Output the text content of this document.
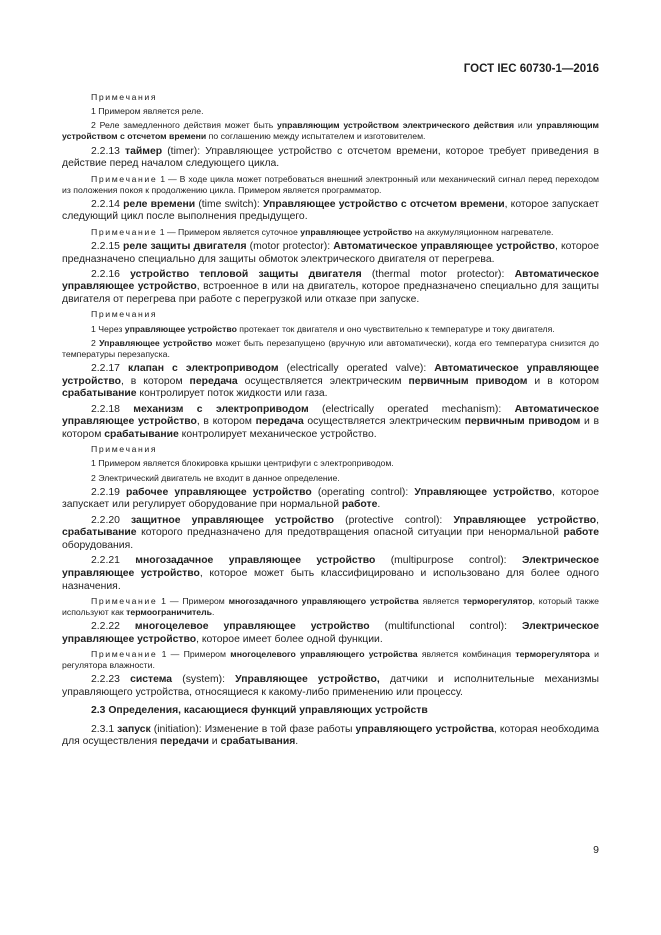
ГОСТ IEC 60730-1—2016
Примечания
1 Примером является реле.
2 Реле замедленного действия может быть управляющим устройством электрического действия или управляющим устройством с отсчетом времени по соглашению между испытателем и изготовителем.
2.2.13 таймер (timer): Управляющее устройство с отсчетом времени, которое требует приведения в действие перед началом следующего цикла.
Примечание 1 — В ходе цикла может потребоваться внешний электронный или механический сигнал перед переходом из положения покоя к продолжению цикла. Примером является программатор.
2.2.14 реле времени (time switch): Управляющее устройство с отсчетом времени, которое запускает следующий цикл после выполнения предыдущего.
Примечание 1 — Примером является суточное управляющее устройство на аккумуляционном нагревателе.
2.2.15 реле защиты двигателя (motor protector): Автоматическое управляющее устройство, которое предназначено специально для защиты обмоток электрического двигателя от перегрева.
2.2.16 устройство тепловой защиты двигателя (thermal motor protector): Автоматическое управляющее устройство, встроенное в или на двигатель, которое предназначено специально для защиты двигателя от перегрева при работе с перегрузкой или отказе при запуске.
Примечания
1 Через управляющее устройство протекает ток двигателя и оно чувствительно к температуре и току двигателя.
2 Управляющее устройство может быть перезапущено (вручную или автоматически), когда его температура снизится до температуры перезапуска.
2.2.17 клапан с электроприводом (electrically operated valve): Автоматическое управляющее устройство, в котором передача осуществляется электрическим первичным приводом и в котором срабатывание контролирует поток жидкости или газа.
2.2.18 механизм с электроприводом (electrically operated mechanism): Автоматическое управляющее устройство, в котором передача осуществляется электрическим первичным приводом и в котором срабатывание контролирует механическое устройство.
Примечания
1 Примером является блокировка крышки центрифуги с электроприводом.
2 Электрический двигатель не входит в данное определение.
2.2.19 рабочее управляющее устройство (operating control): Управляющее устройство, которое запускает или регулирует оборудование при нормальной работе.
2.2.20 защитное управляющее устройство (protective control): Управляющее устройство, срабатывание которого предназначено для предотвращения опасной ситуации при ненормальной работе оборудования.
2.2.21 многозадачное управляющее устройство (multipurpose control): Электрическое управляющее устройство, которое может быть классифицировано и использовано для более одного назначения.
Примечание 1 — Примером многозадачного управляющего устройства является терморегулятор, который также используют как термоограничитель.
2.2.22 многоцелевое управляющее устройство (multifunctional control): Электрическое управляющее устройство, которое имеет более одной функции.
Примечание 1 — Примером многоцелевого управляющего устройства является комбинация терморегулятора и регулятора влажности.
2.2.23 система (system): Управляющее устройство, датчики и исполнительные механизмы управляющего устройства, относящиеся к какому-либо применению или процессу.
2.3 Определения, касающиеся функций управляющих устройств
2.3.1 запуск (initiation): Изменение в той фазе работы управляющего устройства, которая необходима для осуществления передачи и срабатывания.
9
